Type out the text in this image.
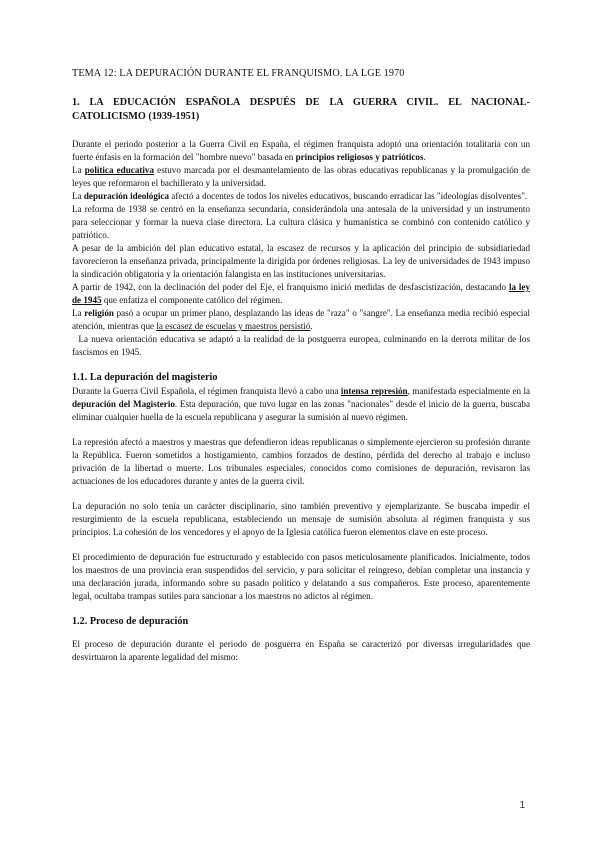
TEMA 12: LA DEPURACIÓN DURANTE EL FRANQUISMO. LA LGE 1970
1. LA EDUCACIÓN ESPAÑOLA DESPUÉS DE LA GUERRA CIVIL. EL NACIONAL-CATOLICISMO (1939-1951)

Durante el periodo posterior a la Guerra Civil en España, el régimen franquista adoptó una orientación totalitaria con un fuerte énfasis en la formación del "hombre nuevo" basada en principios religiosos y patrióticos.

La política educativa estuvo marcada por el desmantelamiento de las obras educativas republicanas y la promulgación de leyes que reformaron el bachillerato y la universidad.

La depuración ideológica afectó a docentes de todos los niveles educativos, buscando erradicar las "ideologías disolventes".

La reforma de 1938 se centró en la enseñanza secundaria, considerándola una antesala de la universidad y un instrumento para seleccionar y formar la nueva clase directora. La cultura clásica y humanística se combinó con contenido católico y patriótico.

A pesar de la ambición del plan educativo estatal, la escasez de recursos y la aplicación del principio de subsidiariedad favorecieron la enseñanza privada, principalmente la dirigida por órdenes religiosas. La ley de universidades de 1943 impuso la sindicación obligatoria y la orientación falangista en las instituciones universitarias.

A partir de 1942, con la declinación del poder del Eje, el franquismo inició medidas de desfascistización, destacando la ley de 1945 que enfatiza el componente católico del régimen.

La religión pasó a ocupar un primer plano, desplazando las ideas de "raza" o "sangre". La enseñanza media recibió especial atención, mientras que la escasez de escuelas y maestros persistió.

La nueva orientación educativa se adaptó a la realidad de la postguerra europea, culminando en la derrota militar de los fascismos en 1945.

1.1. La depuración del magisterio

Durante la Guerra Civil Española, el régimen franquista llevó a cabo una intensa represión, manifestada especialmente en la depuración del Magisterio. Esta depuración, que tuvo lugar en las zonas "nacionales" desde el inicio de la guerra, buscaba eliminar cualquier huella de la escuela republicana y asegurar la sumisión al nuevo régimen.

La represión afectó a maestros y maestras que defendieron ideas republicanas o simplemente ejercieron su profesión durante la República. Fueron sometidos a hostigamiento, cambios forzados de destino, pérdida del derecho al trabajo e incluso privación de la libertad o muerte. Los tribunales especiales, conocidos como comisiones de depuración, revisaron las actuaciones de los educadores durante y antes de la guerra civil.

La depuración no solo tenía un carácter disciplinario, sino también preventivo y ejemplarizante. Se buscaba impedir el resurgimiento de la escuela republicana, estableciendo un mensaje de sumisión absoluta al régimen franquista y sus principios. La cohesión de los vencedores y el apoyo de la Iglesia católica fueron elementos clave en este proceso.

El procedimiento de depuración fue estructurado y establecido con pasos meticulosamente planificados. Inicialmente, todos los maestros de una provincia eran suspendidos del servicio, y para solicitar el reingreso, debían completar una instancia y una declaración jurada, informando sobre su pasado político y delatando a sus compañeros. Este proceso, aparentemente legal, ocultaba trampas sutiles para sancionar a los maestros no adictos al régimen.

1.2. Proceso de depuración

El proceso de depuración durante el periodo de posguerra en España se caracterizó por diversas irregularidades que desvirtuaron la aparente legalidad del mismo:

1
